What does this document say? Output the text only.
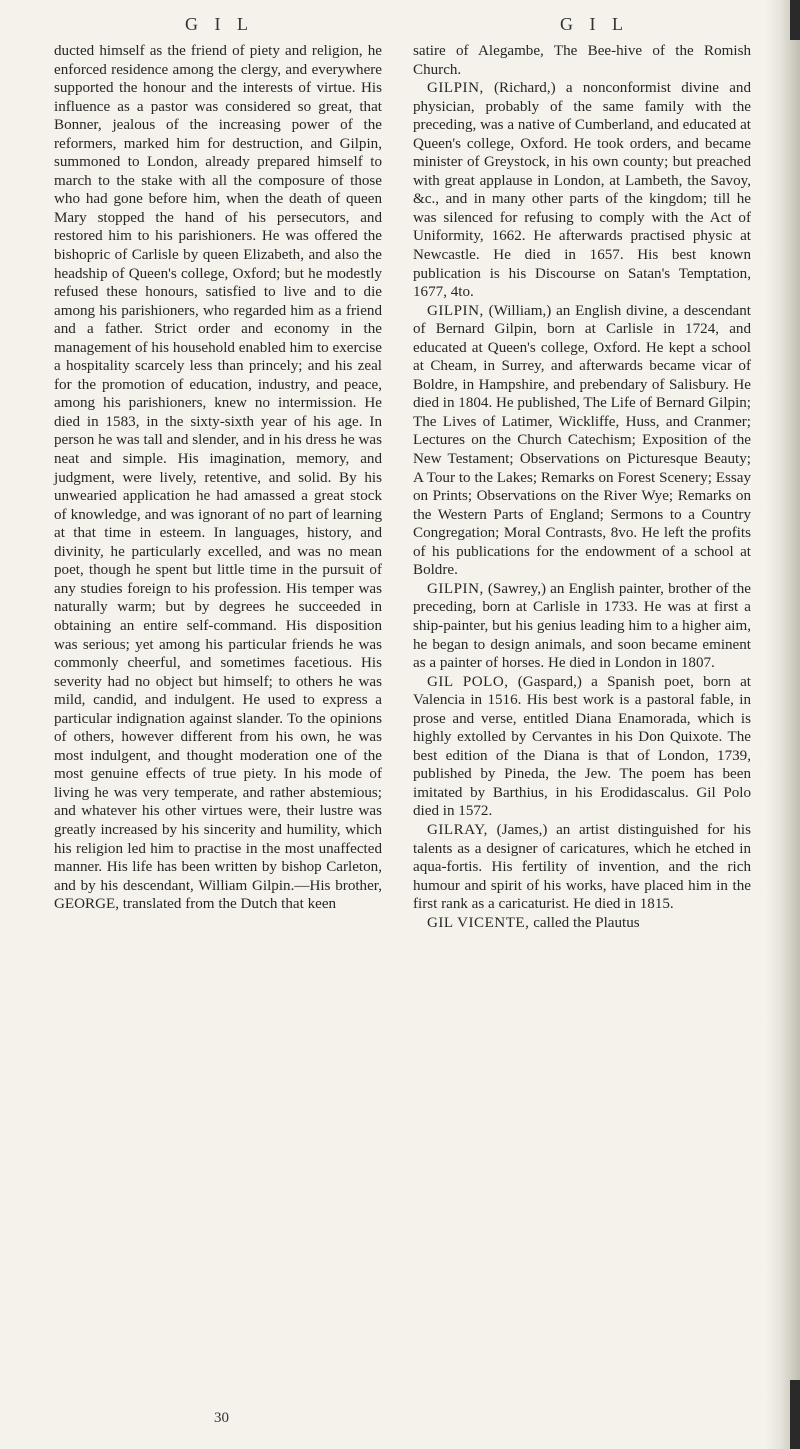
G I L	G I L

ducted himself as the friend of piety and religion, he enforced residence among the clergy, and everywhere supported the honour and the interests of virtue. His influence as a pastor was considered so great, that Bonner, jealous of the increasing power of the reformers, marked him for destruction, and Gilpin, summoned to London, already prepared himself to march to the stake with all the composure of those who had gone before him, when the death of queen Mary stopped the hand of his persecutors, and restored him to his parishioners. He was offered the bishopric of Carlisle by queen Elizabeth, and also the headship of Queen's college, Oxford; but he modestly refused these honours, satisfied to live and to die among his parishioners, who regarded him as a friend and a father. Strict order and economy in the management of his household enabled him to exercise a hospitality scarcely less than princely; and his zeal for the promotion of education, industry, and peace, among his parishioners, knew no intermission. He died in 1583, in the sixty-sixth year of his age. In person he was tall and slender, and in his dress he was neat and simple. His imagination, memory, and judgment, were lively, retentive, and solid. By his unwearied application he had amassed a great stock of knowledge, and was ignorant of no part of learning at that time in esteem. In languages, history, and divinity, he particularly excelled, and was no mean poet, though he spent but little time in the pursuit of any studies foreign to his profession. His temper was naturally warm; but by degrees he succeeded in obtaining an entire self-command. His disposition was serious; yet among his particular friends he was commonly cheerful, and sometimes facetious. His severity had no object but himself; to others he was mild, candid, and indulgent. He used to express a particular indignation against slander. To the opinions of others, however different from his own, he was most indulgent, and thought moderation one of the most genuine effects of true piety. In his mode of living he was very temperate, and rather abstemious; and whatever his other virtues were, their lustre was greatly increased by his sincerity and humility, which his religion led him to practise in the most unaffected manner. His life has been written by bishop Carleton, and by his descendant, William Gilpin.—His brother, GEORGE, translated from the Dutch that keen

satire of Alegambe, The Bee-hive of the Romish Church.

GILPIN, (Richard,) a nonconformist divine and physician, probably of the same family with the preceding, was a native of Cumberland, and educated at Queen's college, Oxford. He took orders, and became minister of Greystock, in his own county; but preached with great applause in London, at Lambeth, the Savoy, &c., and in many other parts of the kingdom; till he was silenced for refusing to comply with the Act of Uniformity, 1662. He afterwards practised physic at Newcastle. He died in 1657. His best known publication is his Discourse on Satan's Temptation, 1677, 4to.

GILPIN, (William,) an English divine, a descendant of Bernard Gilpin, born at Carlisle in 1724, and educated at Queen's college, Oxford. He kept a school at Cheam, in Surrey, and afterwards became vicar of Boldre, in Hampshire, and prebendary of Salisbury. He died in 1804. He published, The Life of Bernard Gilpin; The Lives of Latimer, Wickliffe, Huss, and Cranmer; Lectures on the Church Catechism; Exposition of the New Testament; Observations on Picturesque Beauty; A Tour to the Lakes; Remarks on Forest Scenery; Essay on Prints; Observations on the River Wye; Remarks on the Western Parts of England; Sermons to a Country Congregation; Moral Contrasts, 8vo. He left the profits of his publications for the endowment of a school at Boldre.

GILPIN, (Sawrey,) an English painter, brother of the preceding, born at Carlisle in 1733. He was at first a ship-painter, but his genius leading him to a higher aim, he began to design animals, and soon became eminent as a painter of horses. He died in London in 1807.

GIL POLO, (Gaspard,) a Spanish poet, born at Valencia in 1516. His best work is a pastoral fable, in prose and verse, entitled Diana Enamorada, which is highly extolled by Cervantes in his Don Quixote. The best edition of the Diana is that of London, 1739, published by Pineda, the Jew. The poem has been imitated by Barthius, in his Erodidascalus. Gil Polo died in 1572.

GILRAY, (James,) an artist distinguished for his talents as a designer of caricatures, which he etched in aqua-fortis. His fertility of invention, and the rich humour and spirit of his works, have placed him in the first rank as a caricaturist. He died in 1815.

GIL VICENTE, called the Plautus

30
